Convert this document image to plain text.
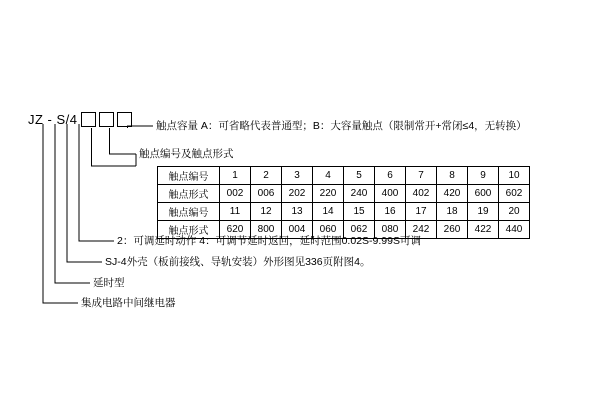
JZ - S/4	触点容量 A：可省略代表普通型；B：大容量触点（限制常开+常闭≤4，无转换）
触点编号及触点形式
2：可调延时动作 4：可调节延时返回，延时范围0.02S-9.99S可调
SJ-4外壳（板前接线、导轨安装）外形图见336页附图4。
延时型
集成电路中间继电器
触点编号	1	2	3	4	5	6	7	8	9	10
触点形式	002	006	202	220	240	400	402	420	600	602
触点编号	11	12	13	14	15	16	17	18	19	20
触点形式	620	800	004	060	062	080	242	260	422	440
